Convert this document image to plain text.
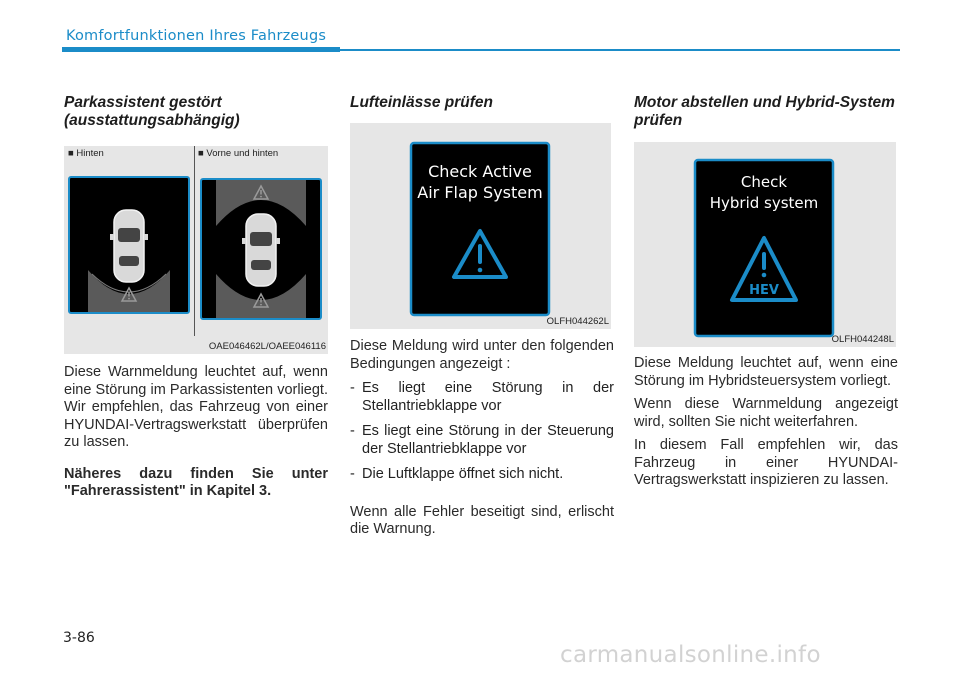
Komfortfunktionen Ihres Fahrzeugs
Parkassistent gestört (ausstattungsabhängig)
■ Hinten	■ Vorne und hinten
OAE046462L/OAEE046116

Diese Warnmeldung leuchtet auf, wenn eine Störung im Parkassistenten vorliegt. Wir empfehlen, das Fahrzeug von einer HYUNDAI-Vertragswerkstatt überprüfen zu lassen.

Näheres dazu finden Sie unter "Fahrerassistent" in Kapitel 3.

Lufteinlässe prüfen
Check Active
Air Flap System
OLFH044262L

Diese Meldung wird unter den folgenden Bedingungen angezeigt :

- Es liegt eine Störung in der Stellantriebklappe vor
- Es liegt eine Störung in der Steuerung der Stellantriebklappe vor
- Die Luftklappe öffnet sich nicht.

Wenn alle Fehler beseitigt sind, erlischt die Warnung.

Motor abstellen und Hybrid-System prüfen
Check
Hybrid system
HEV
OLFH044248L

Diese Meldung leuchtet auf, wenn eine Störung im Hybridsteuersystem vorliegt.

Wenn diese Warnmeldung angezeigt wird, sollten Sie nicht weiterfahren.

In diesem Fall empfehlen wir, das Fahrzeug in einer HYUNDAI-Vertragswerkstatt inspizieren zu lassen.

3-86
carmanualsonline.info
